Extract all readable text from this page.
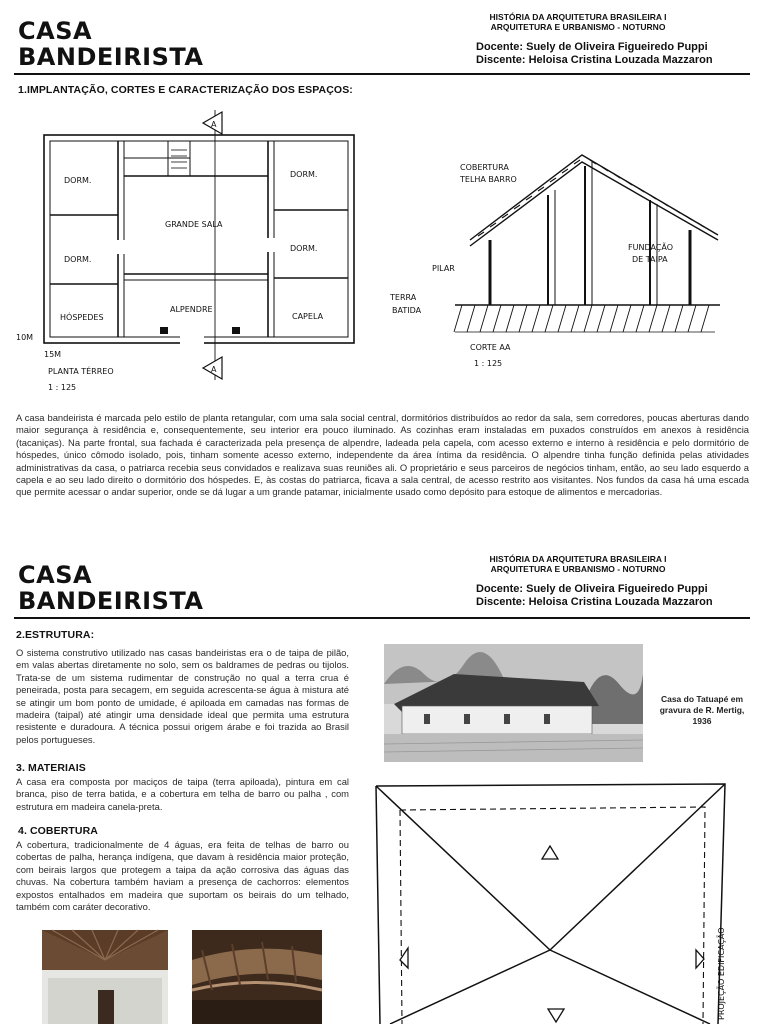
CASA
BANDEIRISTA
HISTÓRIA DA ARQUITETURA BRASILEIRA I
ARQUITETURA E URBANISMO - NOTURNO
Docente: Suely de Oliveira Figueiredo Puppi
Discente: Heloisa Cristina Louzada Mazzaron
1.IMPLANTAÇÃO, CORTES E CARACTERIZAÇÃO DOS ESPAÇOS:
A
A
DORM.
DORM.
HÓSPEDES
GRANDE SALA
ALPENDRE
DORM.
DORM.
CAPELA
10M
15M
PLANTA TÉRREO
1 : 125
COBERTURA
TELHA BARRO
FUNDAÇÃO
DE TAIPA
PILAR
TERRA
BATIDA
CORTE AA
1 : 125
A casa bandeirista é marcada pelo estilo de planta retangular, com uma sala social central, dormitórios distribuídos ao redor da sala, sem corredores, poucas aberturas dando maior segurança à residência e, consequentemente, seu interior era pouco iluminado. As cozinhas eram instaladas em puxados construídos em anexos à residência (tacaniças). Na parte frontal, sua fachada é caracterizada pela presença de alpendre, ladeada pela capela, com acesso externo e interno à residência e pelo dormitório de hóspedes, único cômodo isolado, pois, tinham somente acesso externo, independente da área íntima da residência. O alpendre tinha função definida pelas atividades administrativas da casa, o patriarca recebia seus convidados e realizava suas reuniões ali. O proprietário e seus parceiros de negócios tinham, então, ao seu lado esquerdo a capela e ao seu lado direito o dormitório dos hóspedes. E, às costas do patriarca, ficava a sala central, de acesso restrito aos visitantes. Nos fundos da casa há uma escada que permite acessar o andar superior, onde se dá lugar a um grande patamar, inicialmente usado como depósito para estoque de alimentos e mercadorias.
CASA
BANDEIRISTA
HISTÓRIA DA ARQUITETURA BRASILEIRA I
ARQUITETURA E URBANISMO - NOTURNO
Docente: Suely de Oliveira Figueiredo Puppi
Discente: Heloisa Cristina Louzada Mazzaron
2.ESTRUTURA:
O sistema construtivo utilizado nas casas bandeiristas era o de taipa de pilão, em valas abertas diretamente no solo, sem os baldrames de pedras ou tijolos. Trata-se de um sistema rudimentar de construção no qual a terra crua é peneirada, posta para secagem, em seguida acrescenta-se água à mistura até se atingir um bom ponto de umidade, é apiloada em camadas nas formas de madeira (taipal) até atingir uma densidade ideal que permita uma estrutura resistente e duradoura. A técnica possui origem árabe e foi trazida ao Brasil pelos portugueses.
3. MATERIAIS
A casa era composta por maciços de taipa (terra apiloada), pintura em cal branca, piso de terra batida, e a cobertura em telha de barro ou palha , com estrutura em madeira canela-preta.
4. COBERTURA
A cobertura, tradicionalmente de 4 águas, era feita de telhas de barro ou cobertas de palha, herança indígena, que davam à residência maior proteção, com beirais largos que protegem a taipa da ação corrosiva das águas das chuvas. Na cobertura também haviam a presença de cachorros: elementos expostos entalhados em madeira que suportam os beirais do um telhado, também com caráter decorativo.
Casa do Tatuapé em gravura de R. Mertig, 1936
PROJEÇÃO EDIFICAÇÃO
